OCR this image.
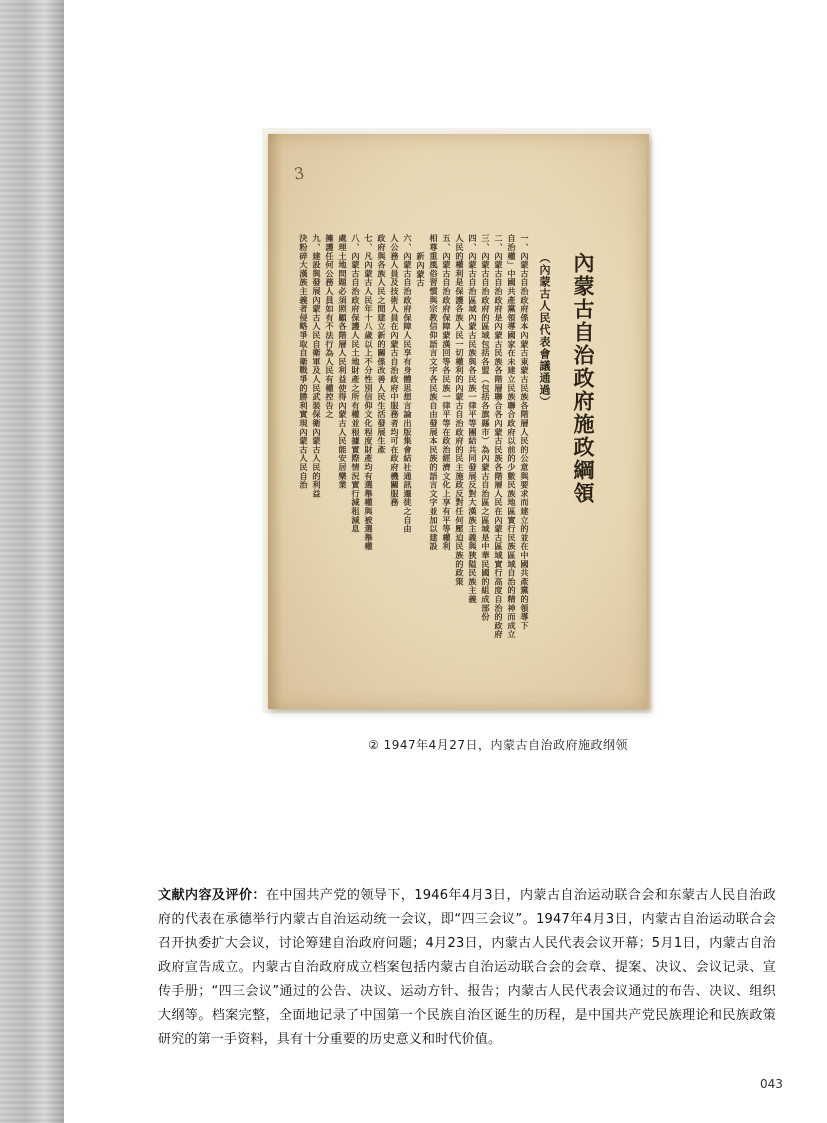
3
內蒙古自治政府施政綱領
（內蒙古人民代表會議通過）
一、內蒙古自治政府係本內蒙古東蒙古民族各階層人民的公意與要求而建立的並在中國共產黨的領導下
自治權」中國共產黨領導國家在未建立民族聯合政府以前的少數民族地區實行民族區域自治的精神而成立
二、內蒙古自治政府是內蒙古民族各階層聯合各內蒙古民族各階層人民在內蒙古區域實行高度自治的政府
三、內蒙古自治政府的區域包括各盟（包括各旗縣市）為內蒙古自治區之區域是中華民國的組成部份
四、內蒙古自治區域內蒙古民族與各民族一律平等團結共同發展反對大漢族主義與狹隘民族主義
人民的權利是保護各族人民一切權利的內蒙古自治政府的民主施政反對任何壓迫民族的政策
五、內蒙古自治政府保障蒙漢回等各民族一律平等在政治經濟文化上享有平等權利
相尊重風俗習慣與宗教信仰語言文字各民族自由發展本民族的語言文字並加以建設
新內蒙古
六、內蒙古自治政府保障人民享有身體思想言論出版集會結社通訊遷徙之自由
人公務人員及技術人員在內蒙古自治政府中服務者均可在政府機關服務
政府與各族人民之間建立新的關係改善人民生活發展生產
七、凡內蒙古人民年十八歲以上不分性別信仰文化程度財產均有選舉權與被選舉權
八、內蒙古自治政府保護人民土地財產之所有權並根據實際情況實行減租減息
處理土地問題必須照顧各階層人民利益使得內蒙古人民能安居樂業
擁護任何公務人員如有不法行為人民有權控告之
九、建設與發展內蒙古人民自衛軍及人民武裝保衛內蒙古人民的利益
決粉碎大漢族主義者侵略爭取自衛戰爭的勝利實現內蒙古人民自治
② 1947年4月27日，内蒙古自治政府施政纲领
文献内容及评价：在中国共产党的领导下，1946年4月3日，内蒙古自治运动联合会和东蒙古人民自治政府的代表在承德举行内蒙古自治运动统一会议，即“四三会议”。1947年4月3日，内蒙古自治运动联合会召开执委扩大会议，讨论筹建自治政府问题；4月23日，内蒙古人民代表会议开幕；5月1日，内蒙古自治政府宣告成立。内蒙古自治政府成立档案包括内蒙古自治运动联合会的会章、提案、决议、会议记录、宣传手册；“四三会议”通过的公告、决议、运动方针、报告；内蒙古人民代表会议通过的布告、决议、组织大纲等。档案完整，全面地记录了中国第一个民族自治区诞生的历程，是中国共产党民族理论和民族政策研究的第一手资料，具有十分重要的历史意义和时代价值。
043
